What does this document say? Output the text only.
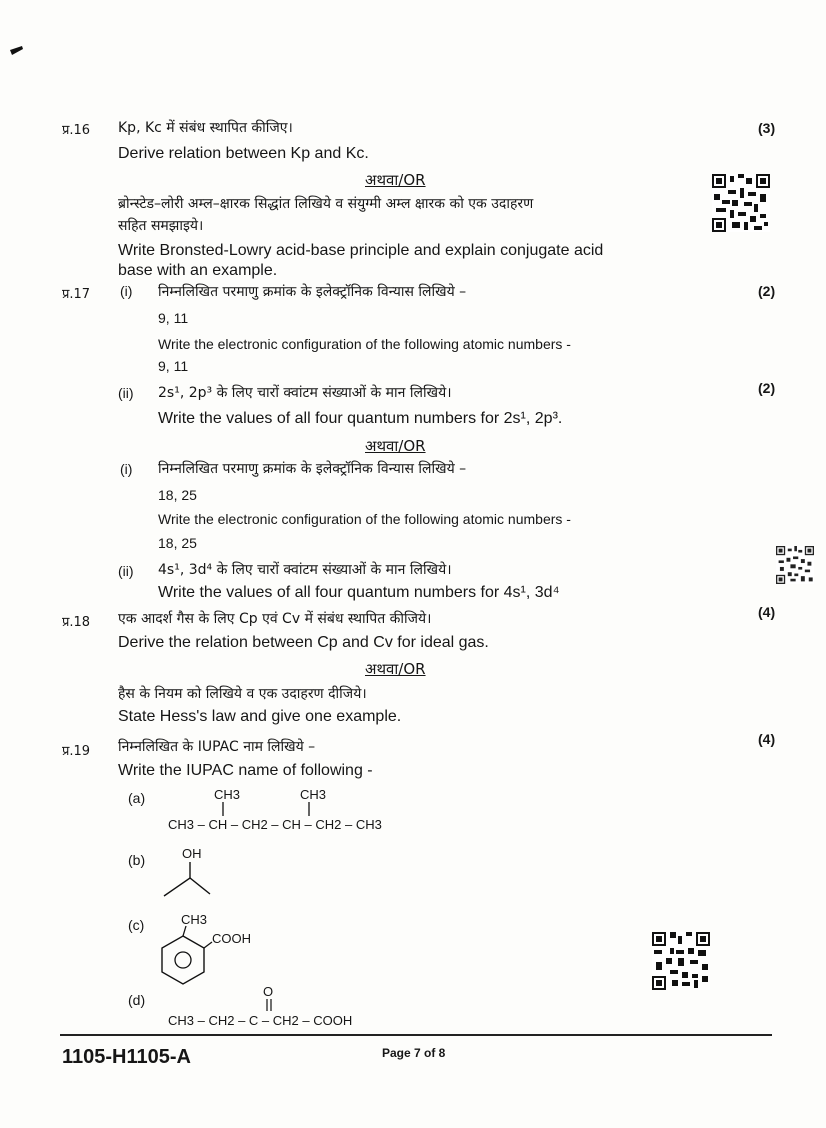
प्र.16 Kp, Kc में संबंध स्थापित कीजिए।	(3)
Derive relation between Kp and Kc.
अथवा/OR
ब्रोन्स्टेड–लोरी अम्ल–क्षारक सिद्धांत लिखिये व संयुग्मी अम्ल क्षारक को एक उदाहरण
सहित समझाइये।
Write Bronsted-Lowry acid-base principle and explain conjugate acid
base with an example.
प्र.17 (i) निम्नलिखित परमाणु क्रमांक के इलेक्ट्रॉनिक विन्यास लिखिये –	(2)
9, 11
Write the electronic configuration of the following atomic numbers -
9, 11
(ii) 2s¹, 2p³ के लिए चारों क्वांटम संख्याओं के मान लिखिये।	(2)
Write the values of all four quantum numbers for 2s¹, 2p³.
अथवा/OR
(i) निम्नलिखित परमाणु क्रमांक के इलेक्ट्रॉनिक विन्यास लिखिये –
18, 25
Write the electronic configuration of the following atomic numbers -
18, 25
(ii) 4s¹, 3d⁴ के लिए चारों क्वांटम संख्याओं के मान लिखिये।
Write the values of all four quantum numbers for 4s¹, 3d⁴
प्र.18 एक आदर्श गैस के लिए Cp एवं Cv में संबंध स्थापित कीजिये।	(4)
Derive the relation between Cp and Cv for ideal gas.
अथवा/OR
हैस के नियम को लिखिये व एक उदाहरण दीजिये।
State Hess's law and give one example.
प्र.19 निम्नलिखित के IUPAC नाम लिखिये –	(4)
Write the IUPAC name of following -
(a)	CH3	CH3
CH3 – CH – CH2 – CH – CH2 – CH3
(b)	OH
(c)	CH3
COOH
(d)
O
CH3 – CH2 – C – CH2 – COOH
1105-H1105-A	Page 7 of 8
